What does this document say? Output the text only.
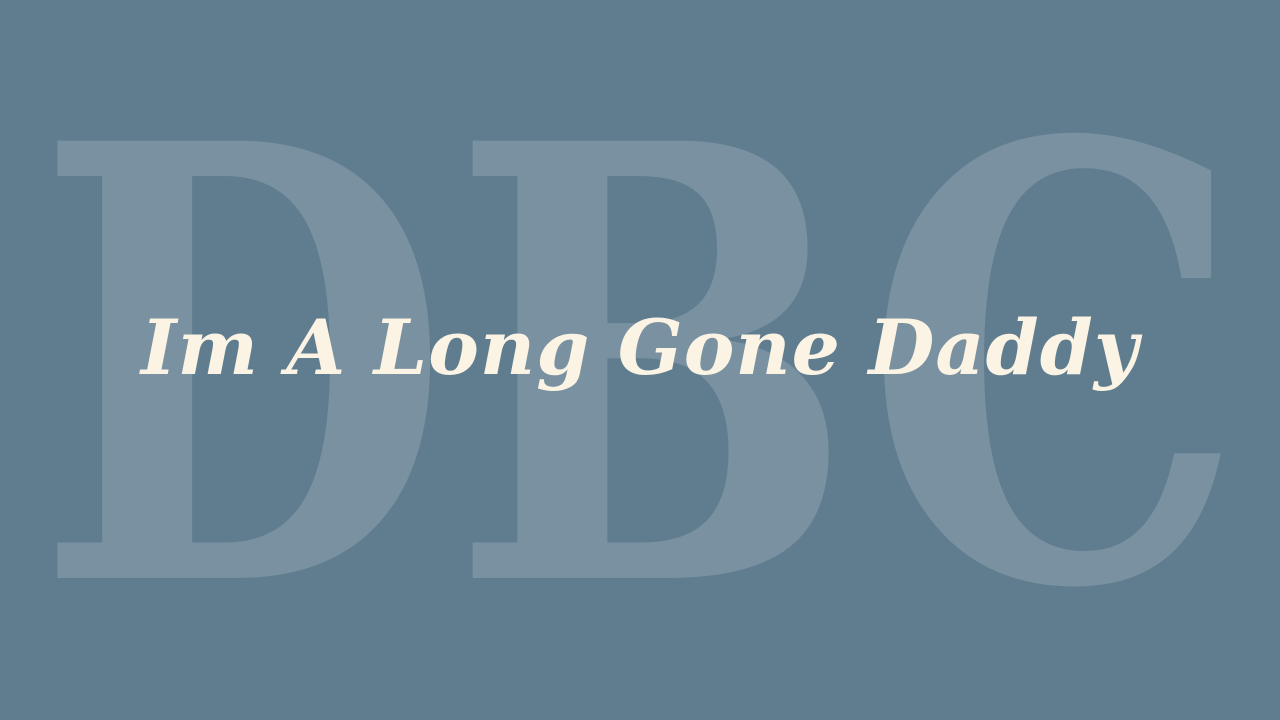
DBC
Im A Long Gone Daddy
